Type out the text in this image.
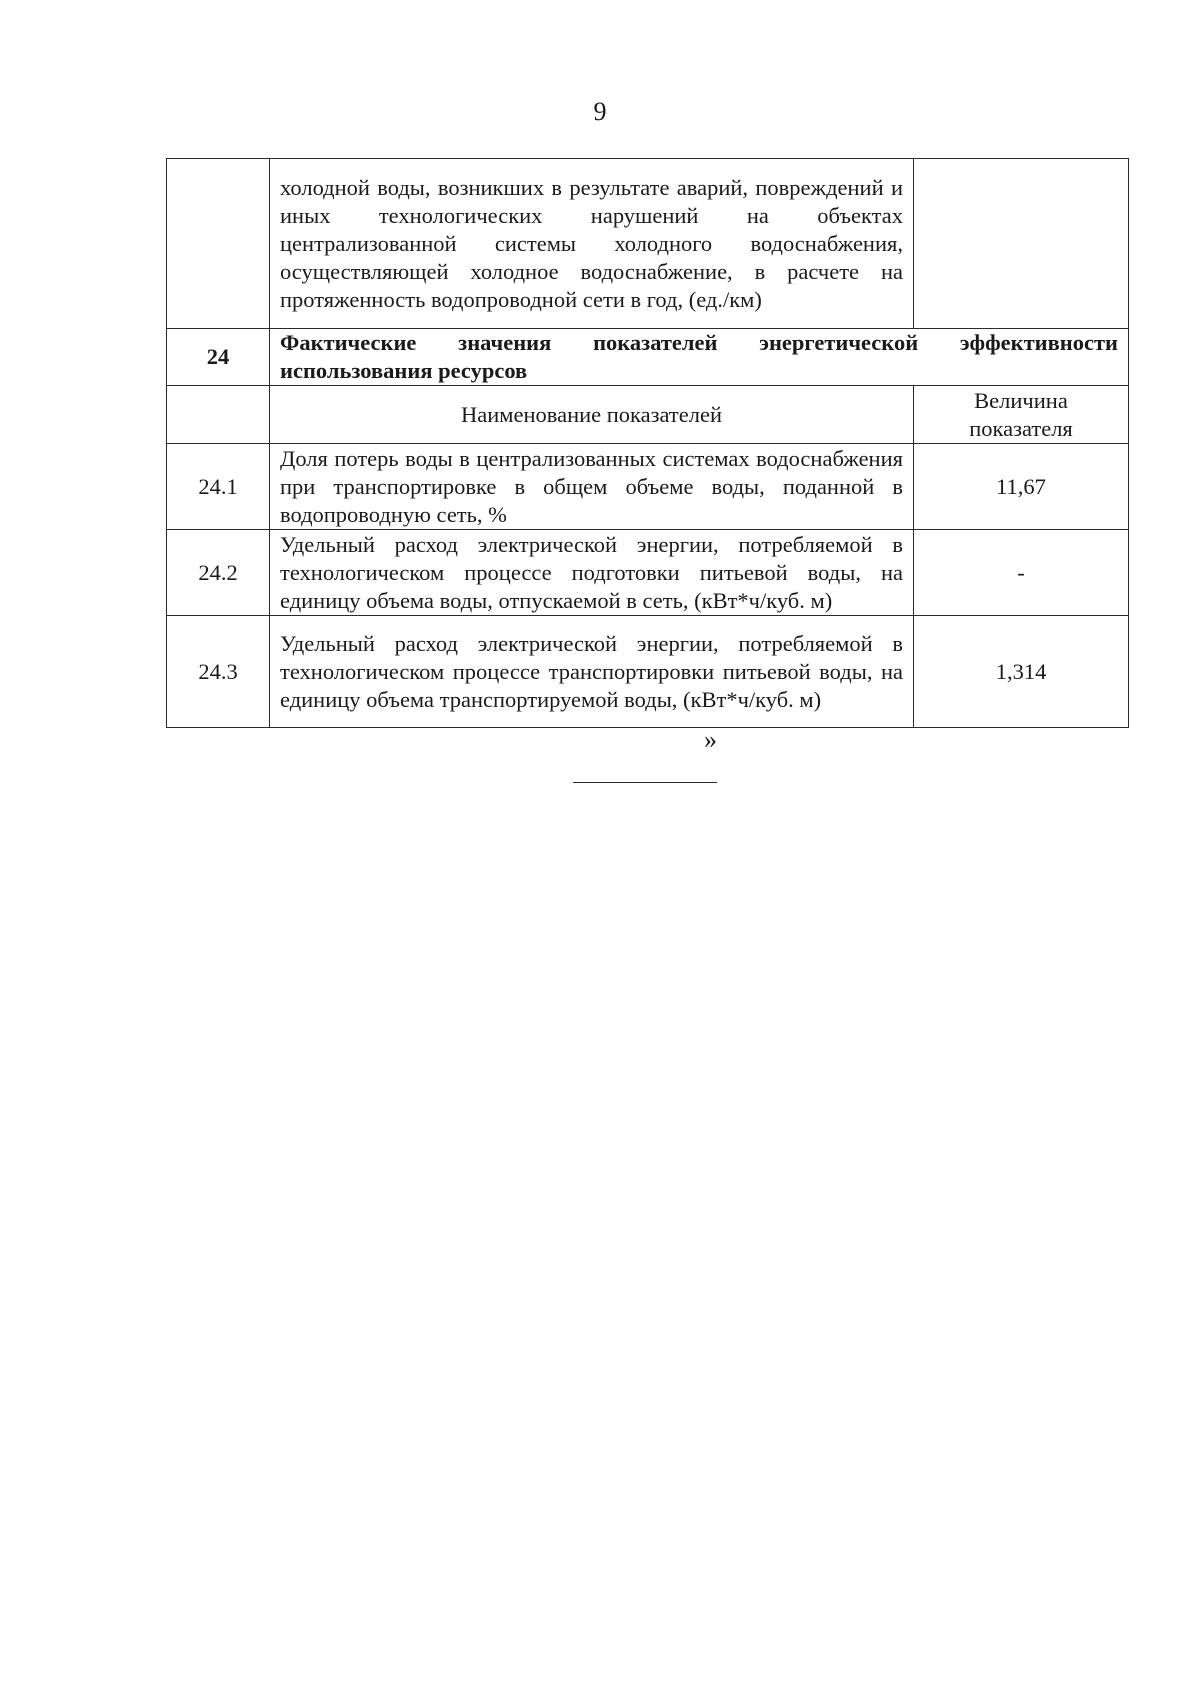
9
	холодной воды, возникших в результате аварий, повреждений и иных технологических нарушений на объектах централизованной системы холодного водоснабжения, осуществляющей холодное водоснабжение, в расчете на протяженность водопроводной сети в год, (ед./км)	
24	Фактические значения показателей энергетической эффективности использования ресурсов	
	Наименование показателей	Величина показателя
24.1	Доля потерь воды в централизованных системах водоснабжения при транспортировке в общем объеме воды, поданной в водопроводную сеть, %	11,67
24.2	Удельный расход электрической энергии, потребляемой в технологическом процессе подготовки питьевой воды, на единицу объема воды, отпускаемой в сеть, (кВт*ч/куб. м)	-
24.3	Удельный расход электрической энергии, потребляемой в технологическом процессе транспортировки питьевой воды, на единицу объема транспортируемой воды, (кВт*ч/куб. м)	1,314
»
